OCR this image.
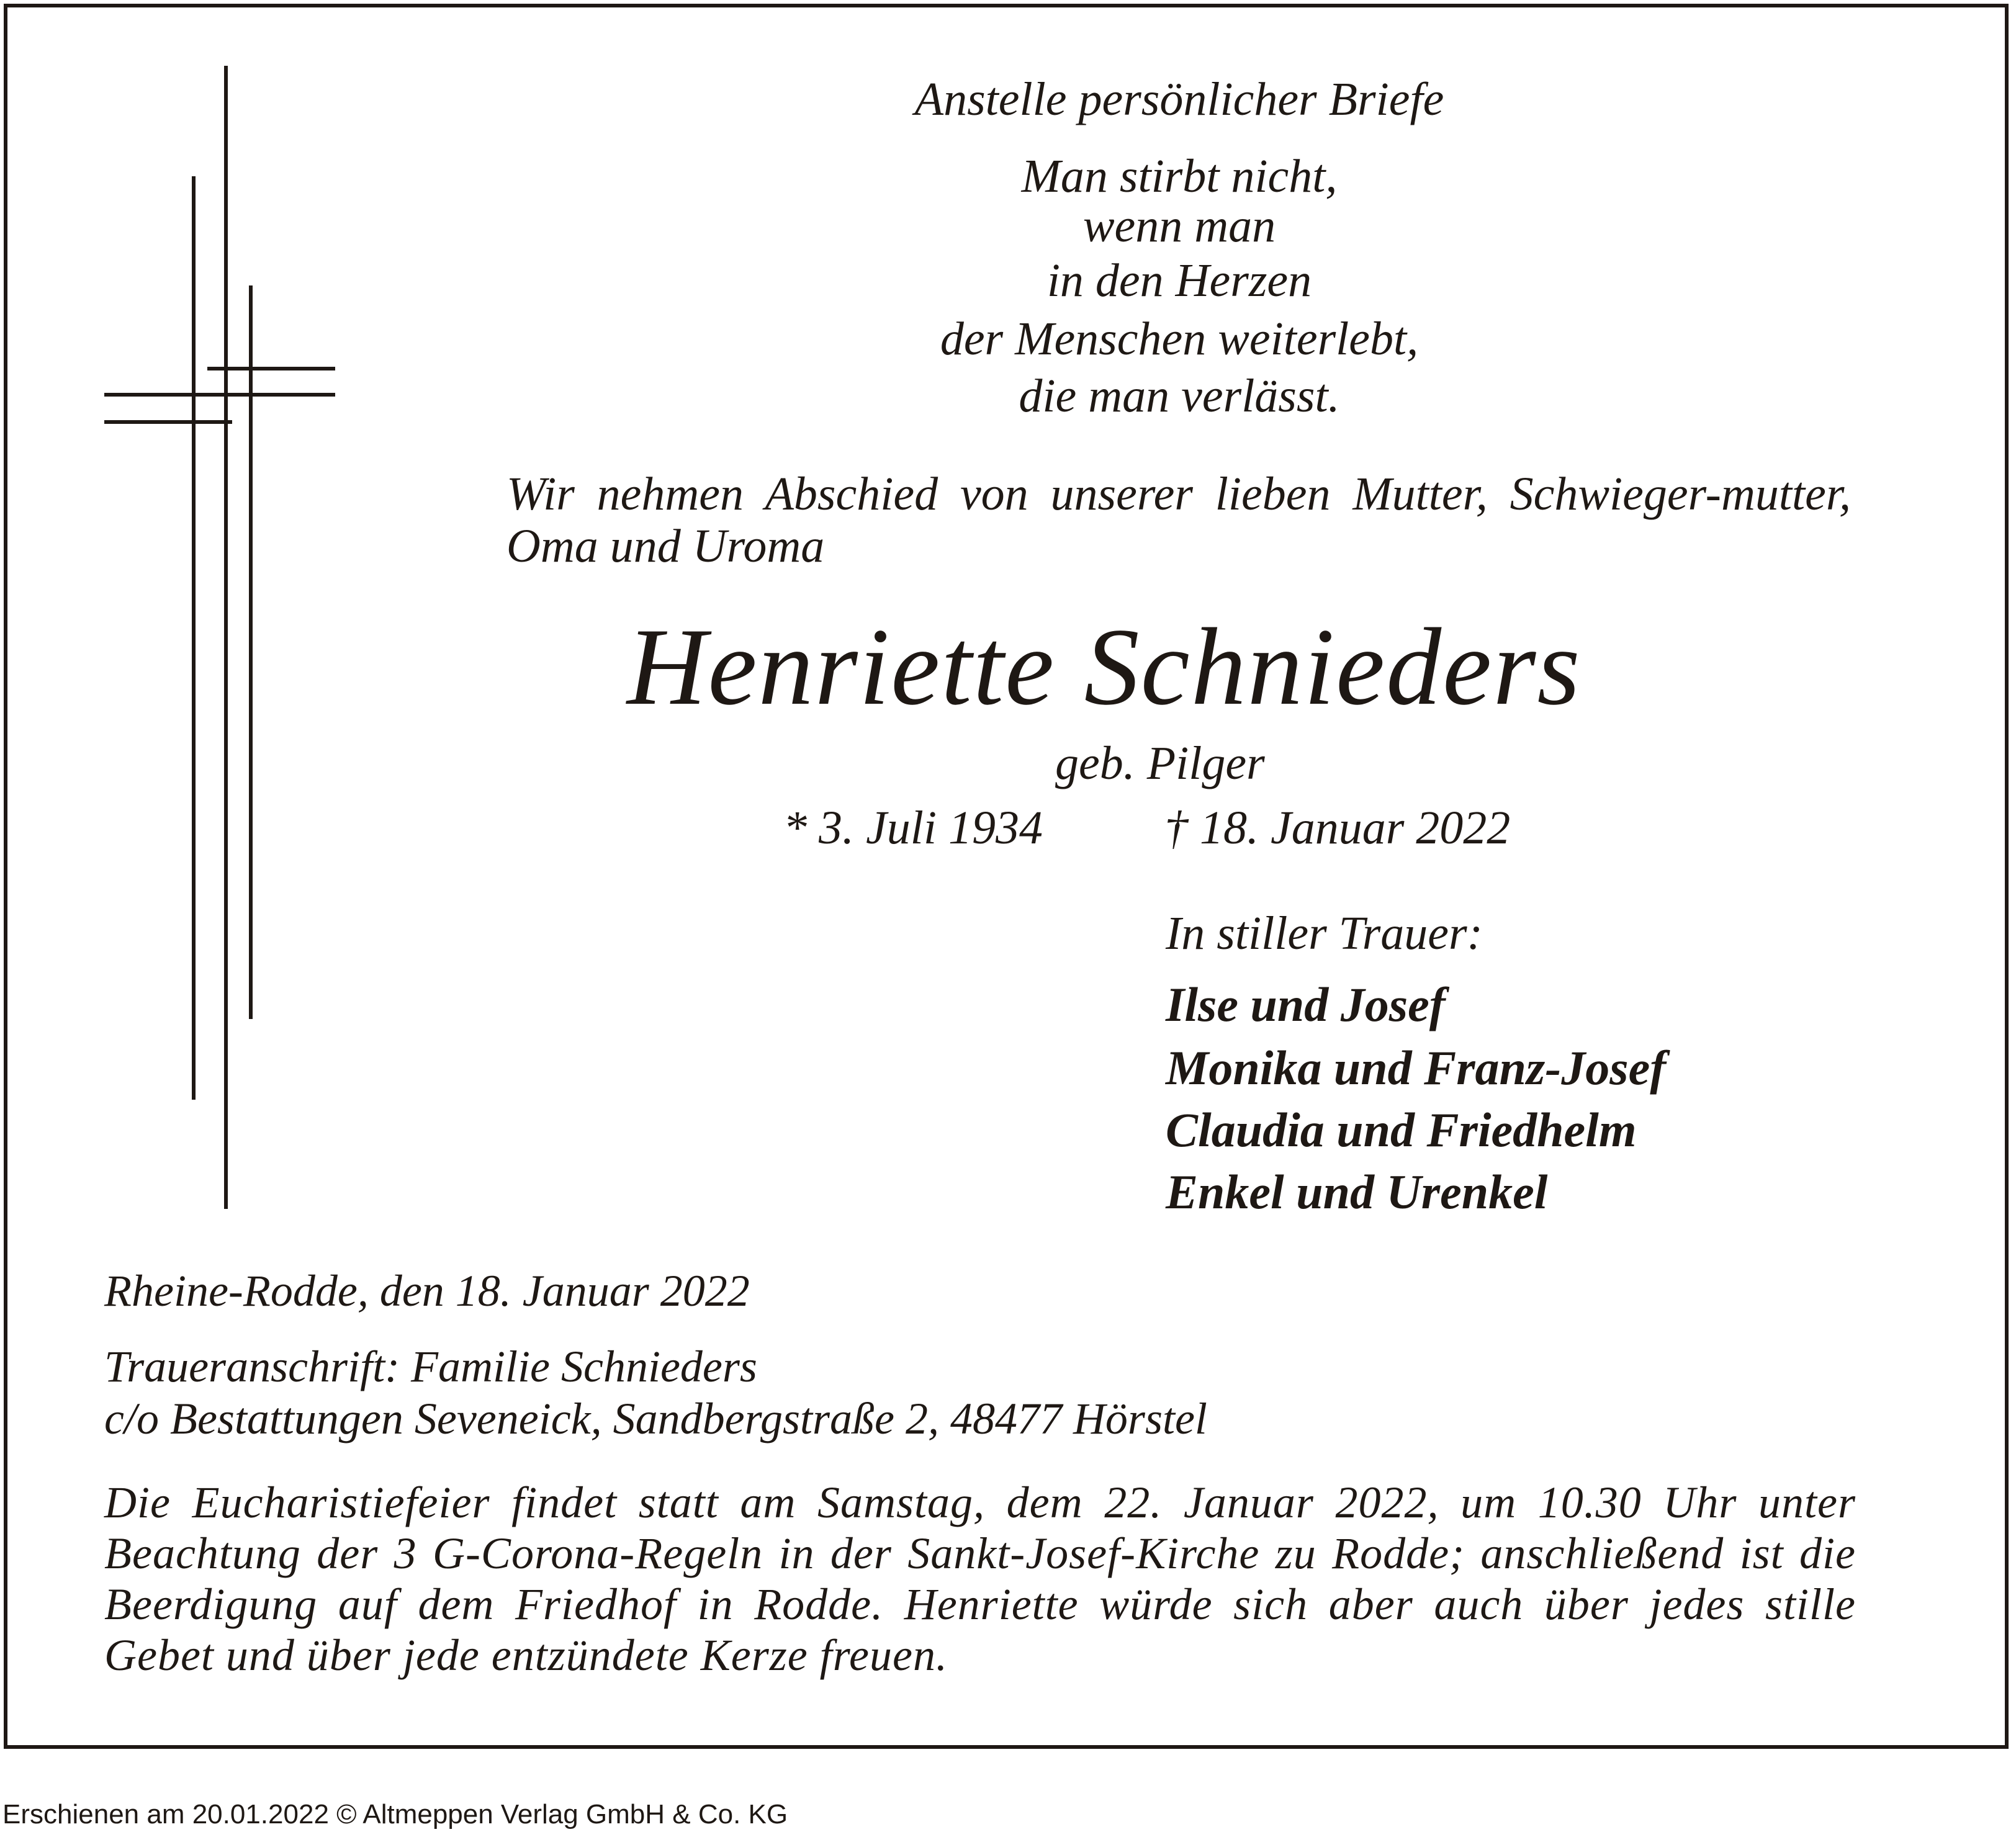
Anstelle persönlicher Briefe
Man stirbt nicht,
wenn man
in den Herzen
der Menschen weiterlebt,
die man verlässt.
Wir nehmen Abschied von unserer lieben Mutter, Schwieger-mutter, Oma und Uroma
Henriette Schnieders
geb. Pilger
* 3. Juli 1934	† 18. Januar 2022
In stiller Trauer:
Ilse und Josef
Monika und Franz-Josef
Claudia und Friedhelm
Enkel und Urenkel
Rheine-Rodde, den 18. Januar 2022
Traueranschrift: Familie Schnieders
c/o Bestattungen Seveneick, Sandbergstraße 2, 48477 Hörstel
Die Eucharistiefeier findet statt am Samstag, dem 22. Januar 2022, um 10.30 Uhr unter Beachtung der 3 G-Corona-Regeln in der Sankt-Josef-Kirche zu Rodde; anschließend ist die Beerdigung auf dem Friedhof in Rodde. Henriette würde sich aber auch über jedes stille Gebet und über jede entzündete Kerze freuen.
Erschienen am 20.01.2022 © Altmeppen Verlag GmbH & Co. KG
